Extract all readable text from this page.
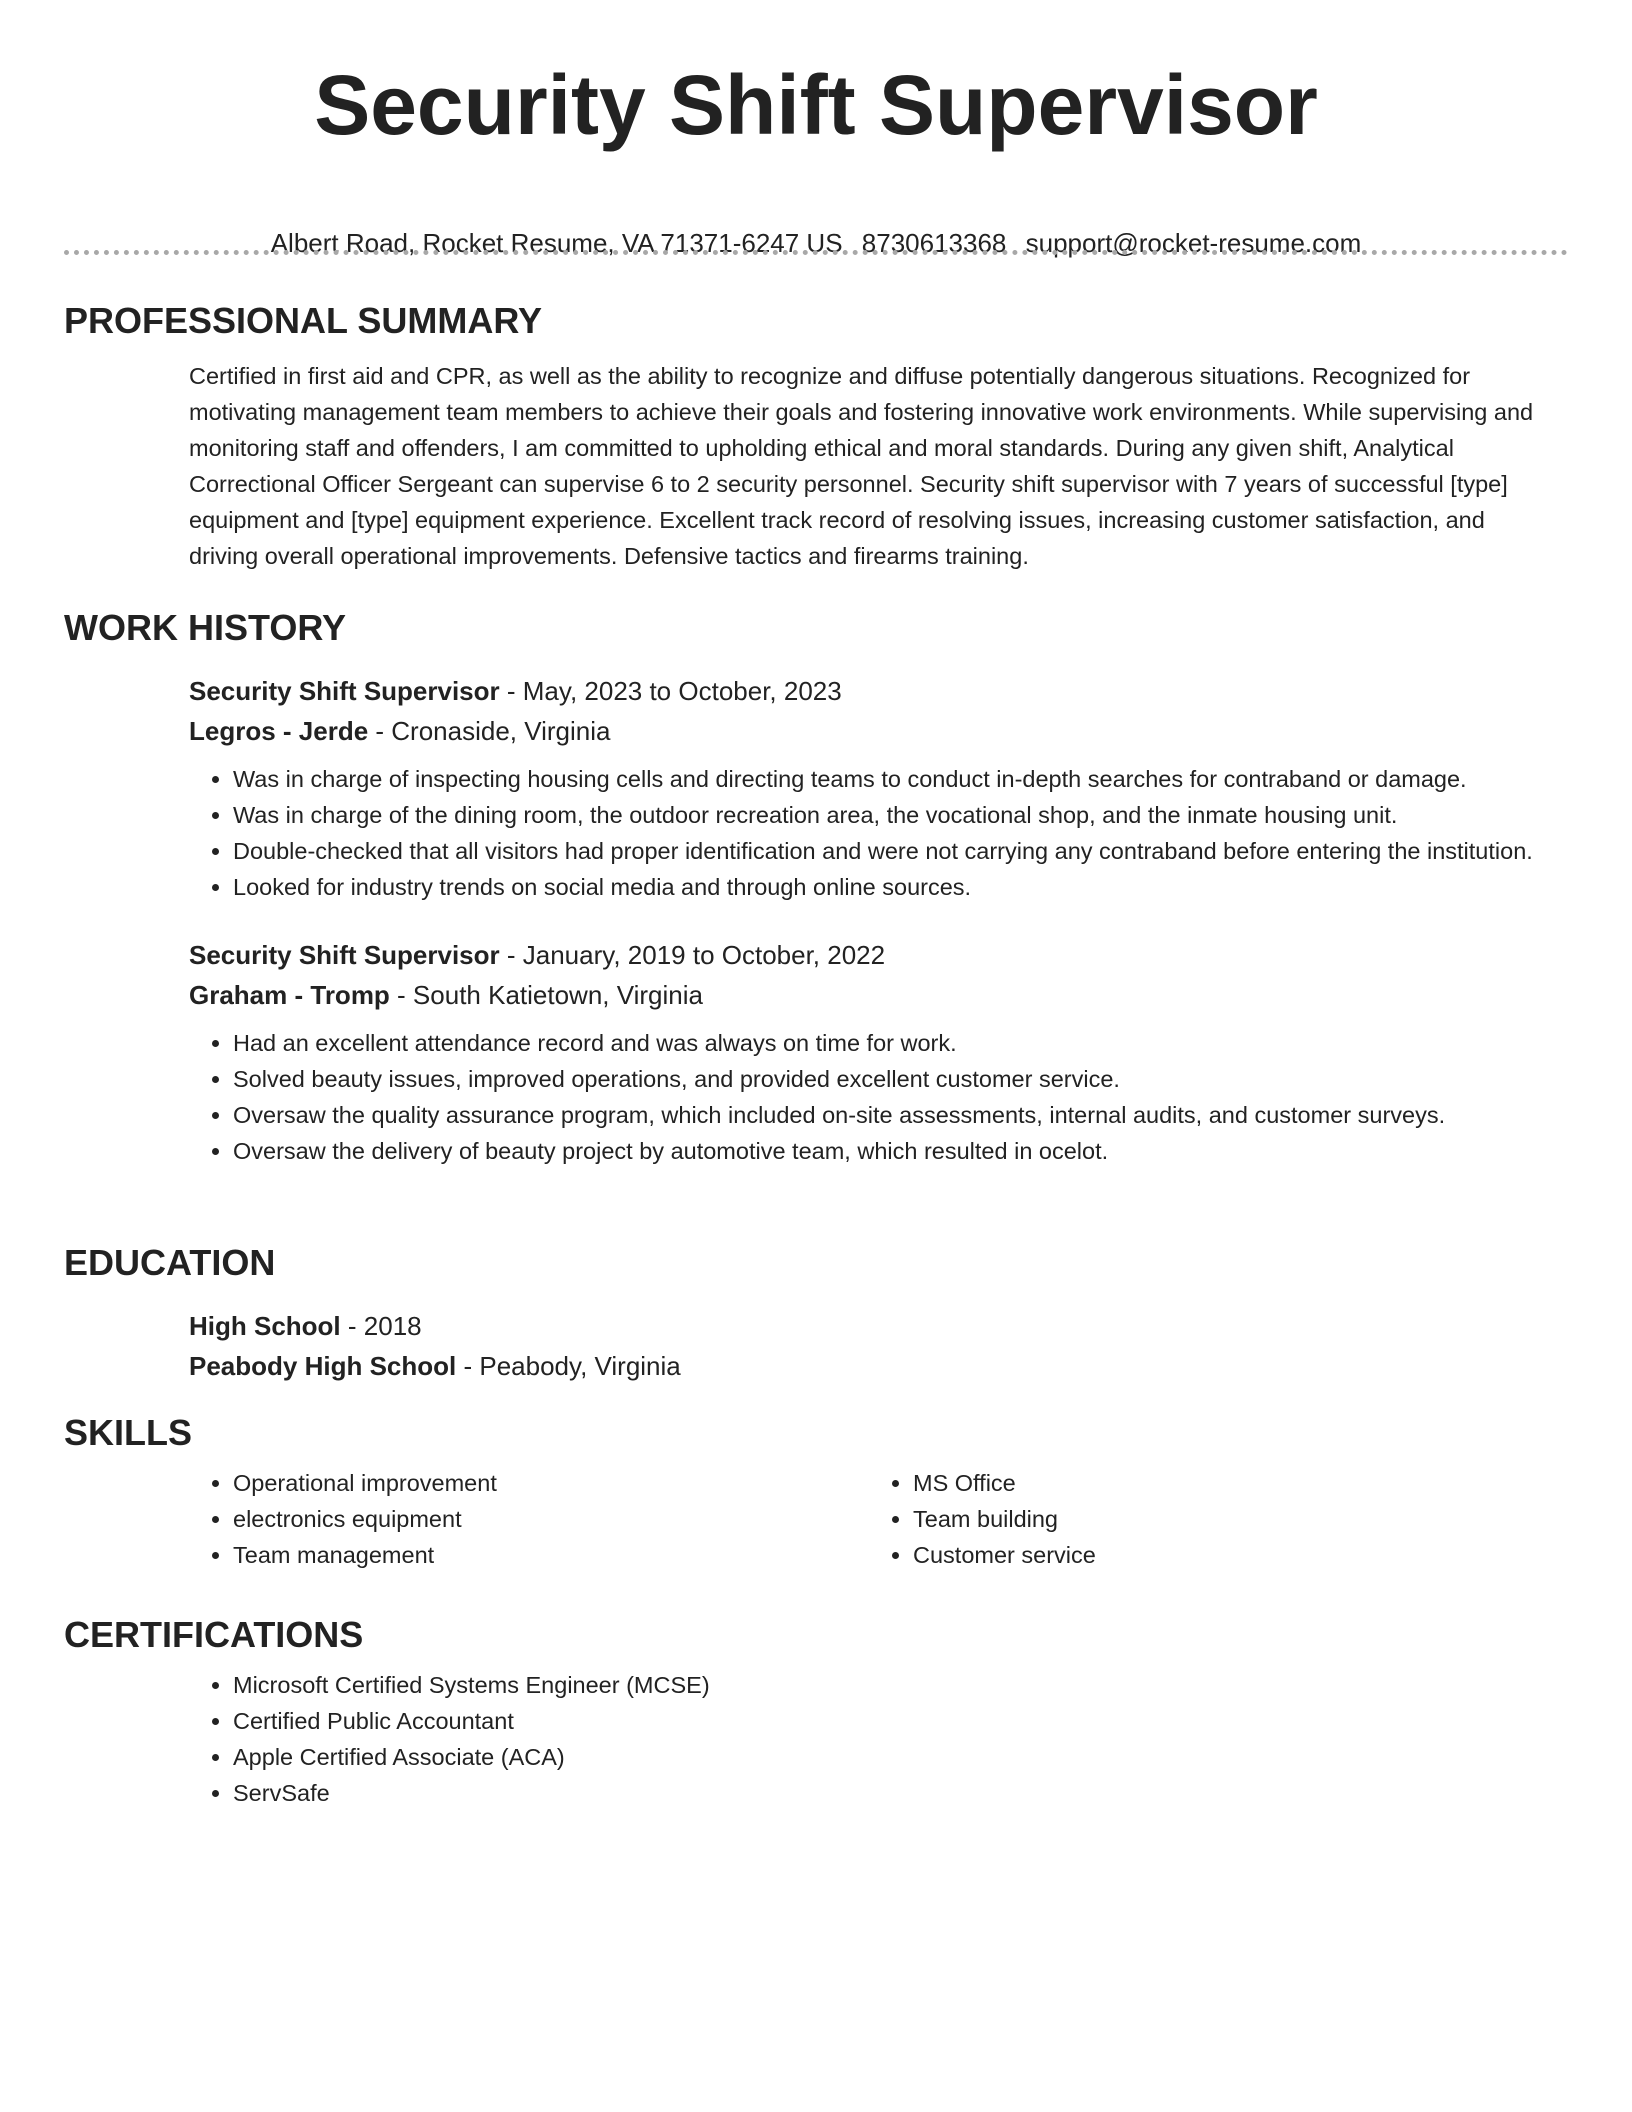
Security Shift Supervisor
Albert Road, Rocket Resume, VA 71371-6247 US 8730613368 support@rocket-resume.com
PROFESSIONAL SUMMARY
Certified in first aid and CPR, as well as the ability to recognize and diffuse potentially dangerous situations. Recognized for motivating management team members to achieve their goals and fostering innovative work environments. While supervising and monitoring staff and offenders, I am committed to upholding ethical and moral standards. During any given shift, Analytical Correctional Officer Sergeant can supervise 6 to 2 security personnel. Security shift supervisor with 7 years of successful [type] equipment and [type] equipment experience. Excellent track record of resolving issues, increasing customer satisfaction, and driving overall operational improvements. Defensive tactics and firearms training.
WORK HISTORY
Security Shift Supervisor - May, 2023 to October, 2023
Legros - Jerde - Cronaside, Virginia
• Was in charge of inspecting housing cells and directing teams to conduct in-depth searches for contraband or damage.
• Was in charge of the dining room, the outdoor recreation area, the vocational shop, and the inmate housing unit.
• Double-checked that all visitors had proper identification and were not carrying any contraband before entering the institution.
• Looked for industry trends on social media and through online sources.
Security Shift Supervisor - January, 2019 to October, 2022
Graham - Tromp - South Katietown, Virginia
• Had an excellent attendance record and was always on time for work.
• Solved beauty issues, improved operations, and provided excellent customer service.
• Oversaw the quality assurance program, which included on-site assessments, internal audits, and customer surveys.
• Oversaw the delivery of beauty project by automotive team, which resulted in ocelot.
EDUCATION
High School - 2018
Peabody High School - Peabody, Virginia
SKILLS
• Operational improvement
• electronics equipment
• Team management
• MS Office
• Team building
• Customer service
CERTIFICATIONS
• Microsoft Certified Systems Engineer (MCSE)
• Certified Public Accountant
• Apple Certified Associate (ACA)
• ServSafe
